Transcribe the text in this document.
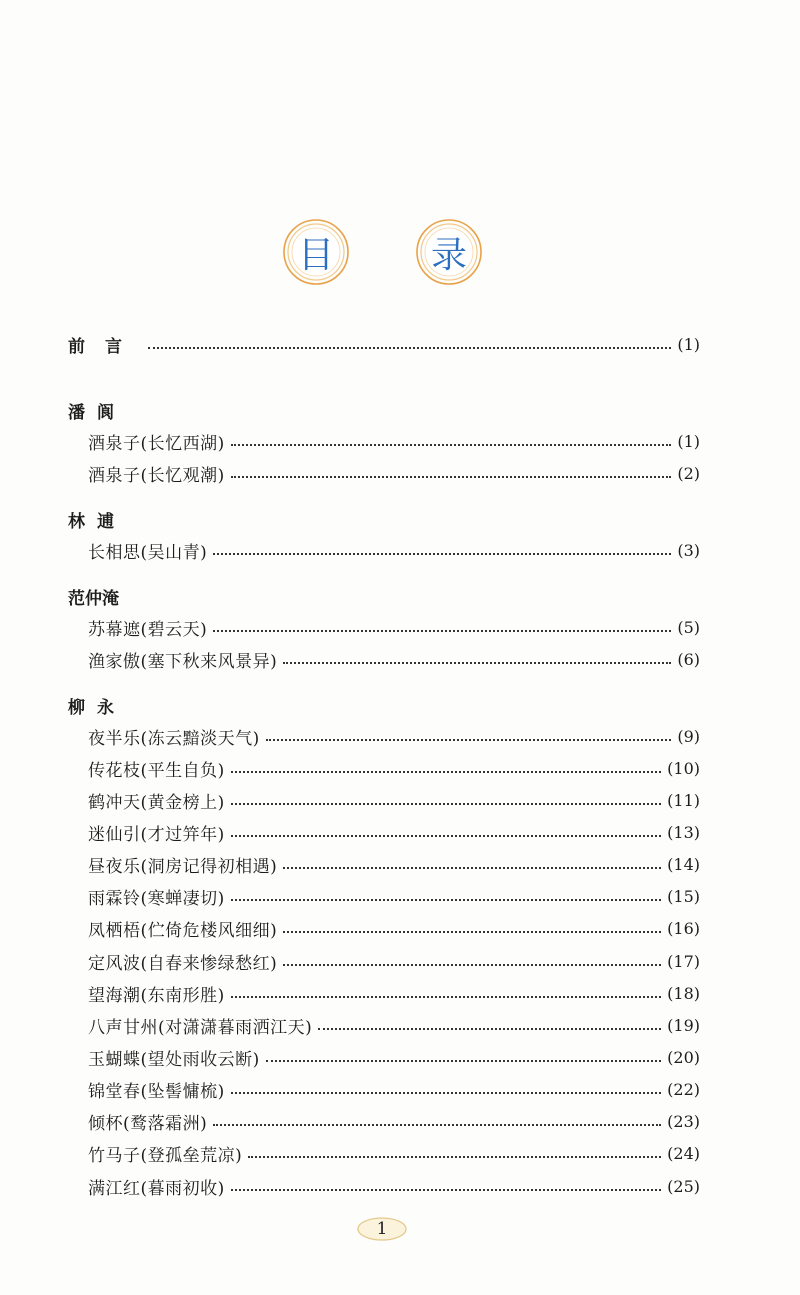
目	录
前言	(1)
潘阆
酒泉子(长忆西湖)	(1)
酒泉子(长忆观潮)	(2)
林逋
长相思(吴山青)	(3)
范仲淹
苏幕遮(碧云天)	(5)
渔家傲(塞下秋来风景异)	(6)
柳永
夜半乐(冻云黯淡天气)	(9)
传花枝(平生自负)	(10)
鹤冲天(黄金榜上)	(11)
迷仙引(才过笄年)	(13)
昼夜乐(洞房记得初相遇)	(14)
雨霖铃(寒蝉凄切)	(15)
凤栖梧(伫倚危楼风细细)	(16)
定风波(自春来惨绿愁红)	(17)
望海潮(东南形胜)	(18)
八声甘州(对潇潇暮雨洒江天)	(19)
玉蝴蝶(望处雨收云断)	(20)
锦堂春(坠髻慵梳)	(22)
倾杯(鹜落霜洲)	(23)
竹马子(登孤垒荒凉)	(24)
满江红(暮雨初收)	(25)
1
